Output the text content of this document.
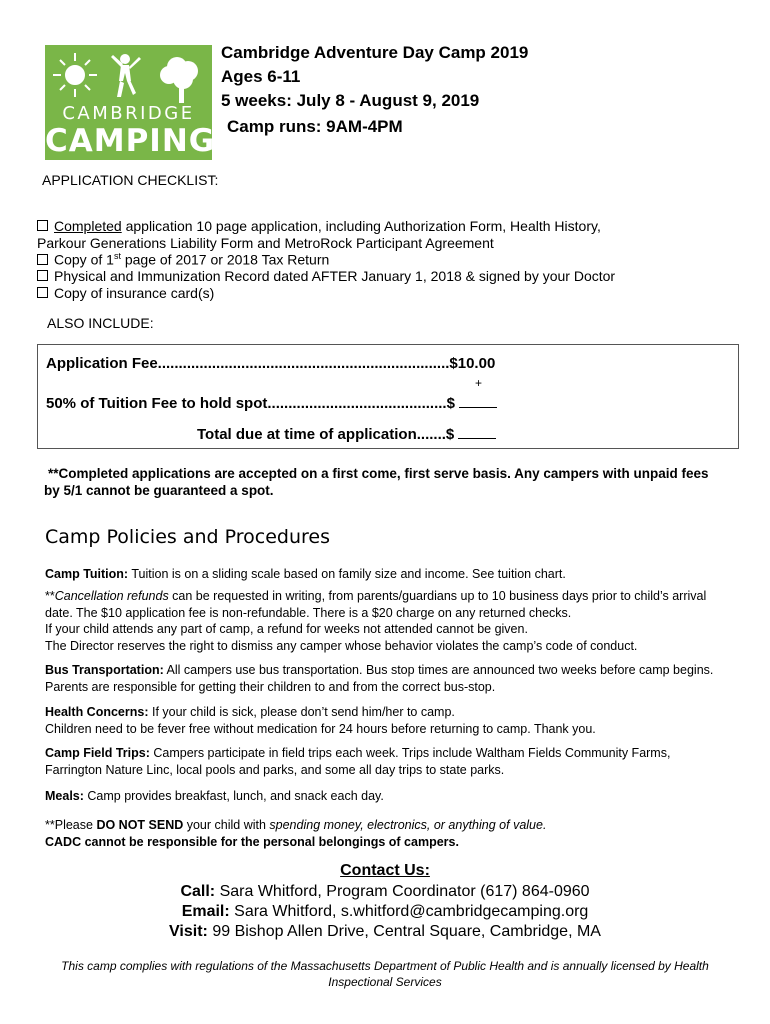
CAMBRIDGE
CAMPING
Cambridge Adventure Day Camp 2019
Ages 6-11
5 weeks: July 8 - August 9, 2019
Camp runs: 9AM-4PM
APPLICATION CHECKLIST:
Completed application 10 page application, including Authorization Form, Health History,
Parkour Generations Liability Form and MetroRock Participant Agreement
Copy of 1st page of 2017 or 2018 Tax Return
Physical and Immunization Record dated AFTER January 1, 2018 & signed by your Doctor
Copy of insurance card(s)
ALSO INCLUDE:
Application Fee......................................................................$10.00
+
50% of Tuition Fee to hold spot...........................................$
Total due at time of application.......$
**Completed applications are accepted on a first come, first serve basis. Any campers with unpaid fees
by 5/1 cannot be guaranteed a spot.
Camp Policies and Procedures
Camp Tuition: Tuition is on a sliding scale based on family size and income. See tuition chart.
**Cancellation refunds can be requested in writing, from parents/guardians up to 10 business days prior to child’s arrival
date. The $10 application fee is non-refundable. There is a $20 charge on any returned checks.
If your child attends any part of camp, a refund for weeks not attended cannot be given.
The Director reserves the right to dismiss any camper whose behavior violates the camp’s code of conduct.
Bus Transportation: All campers use bus transportation. Bus stop times are announced two weeks before camp begins.
Parents are responsible for getting their children to and from the correct bus-stop.
Health Concerns: If your child is sick, please don’t send him/her to camp.
Children need to be fever free without medication for 24 hours before returning to camp. Thank you.
Camp Field Trips: Campers participate in field trips each week. Trips include Waltham Fields Community Farms,
Farrington Nature Linc, local pools and parks, and some all day trips to state parks.
Meals: Camp provides breakfast, lunch, and snack each day.
**Please DO NOT SEND your child with spending money, electronics, or anything of value.
CADC cannot be responsible for the personal belongings of campers.
Contact Us:
Call: Sara Whitford, Program Coordinator (617) 864-0960
Email: Sara Whitford, s.whitford@cambridgecamping.org
Visit: 99 Bishop Allen Drive, Central Square, Cambridge, MA
This camp complies with regulations of the Massachusetts Department of Public Health and is annually licensed by Health
Inspectional Services
